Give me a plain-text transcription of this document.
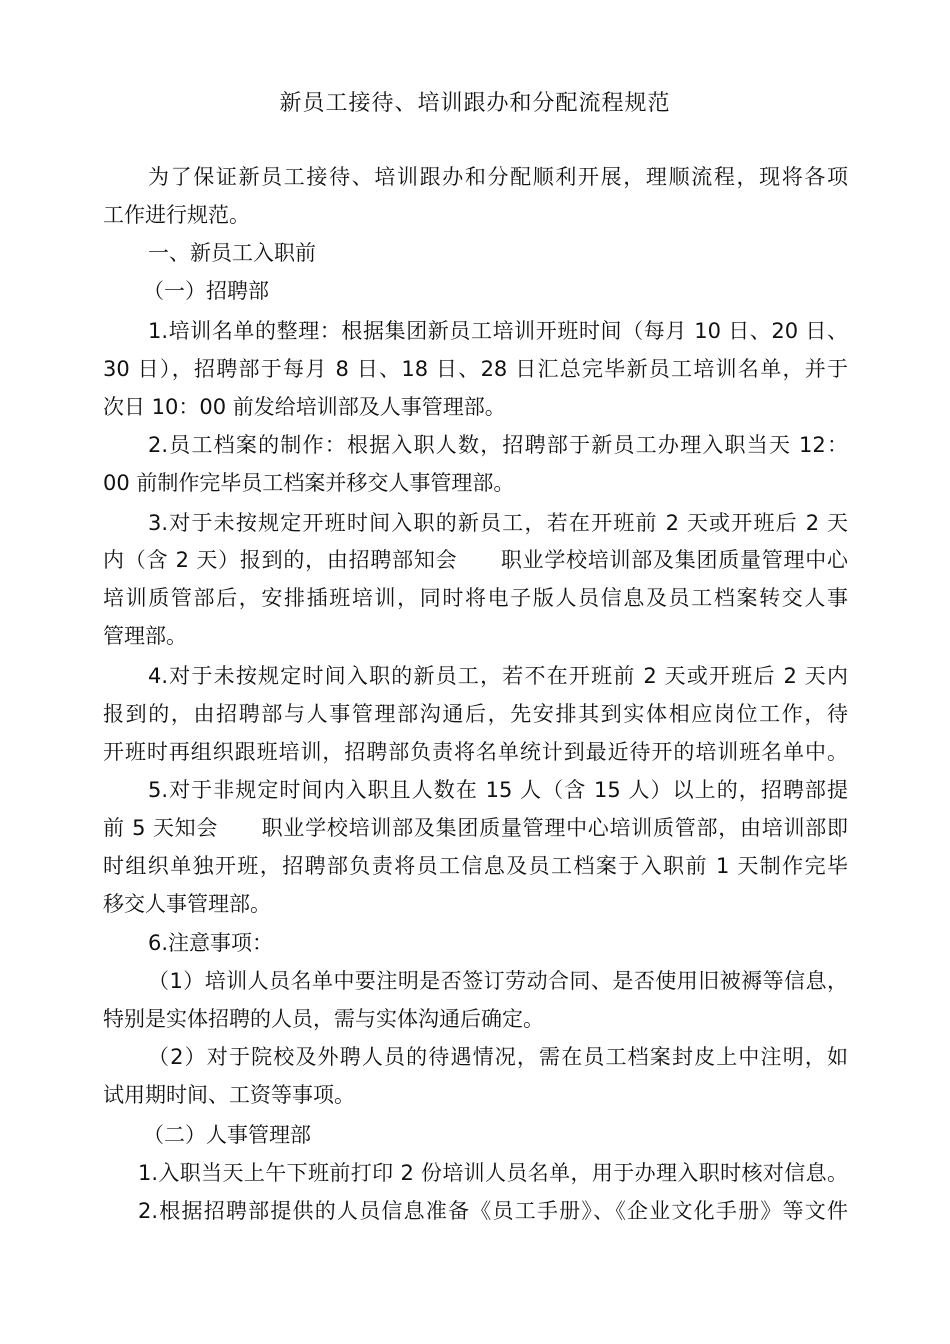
新员工接待、培训跟办和分配流程规范
为了保证新员工接待、培训跟办和分配顺利开展，理顺流程，现将各项
工作进行规范。
一、新员工入职前
（一）招聘部
1.培训名单的整理：根据集团新员工培训开班时间（每月 10 日、20 日、
30 日），招聘部于每月 8 日、18 日、28 日汇总完毕新员工培训名单，并于
次日 10：00 前发给培训部及人事管理部。
2.员工档案的制作：根据入职人数，招聘部于新员工办理入职当天 12：
00 前制作完毕员工档案并移交人事管理部。
3.对于未按规定开班时间入职的新员工，若在开班前 2 天或开班后 2 天
内（含 2 天）报到的，由招聘部知会　　职业学校培训部及集团质量管理中心
培训质管部后，安排插班培训，同时将电子版人员信息及员工档案转交人事
管理部。
4.对于未按规定时间入职的新员工，若不在开班前 2 天或开班后 2 天内
报到的，由招聘部与人事管理部沟通后，先安排其到实体相应岗位工作，待
开班时再组织跟班培训，招聘部负责将名单统计到最近待开的培训班名单中。
5.对于非规定时间内入职且人数在 15 人（含 15 人）以上的，招聘部提
前 5 天知会　　职业学校培训部及集团质量管理中心培训质管部，由培训部即
时组织单独开班，招聘部负责将员工信息及员工档案于入职前 1 天制作完毕
移交人事管理部。
6.注意事项：
（1）培训人员名单中要注明是否签订劳动合同、是否使用旧被褥等信息，
特别是实体招聘的人员，需与实体沟通后确定。
（2）对于院校及外聘人员的待遇情况，需在员工档案封皮上中注明，如
试用期时间、工资等事项。
（二）人事管理部
1.入职当天上午下班前打印 2 份培训人员名单，用于办理入职时核对信息。
2.根据招聘部提供的人员信息准备《员工手册》、《企业文化手册》等文件
